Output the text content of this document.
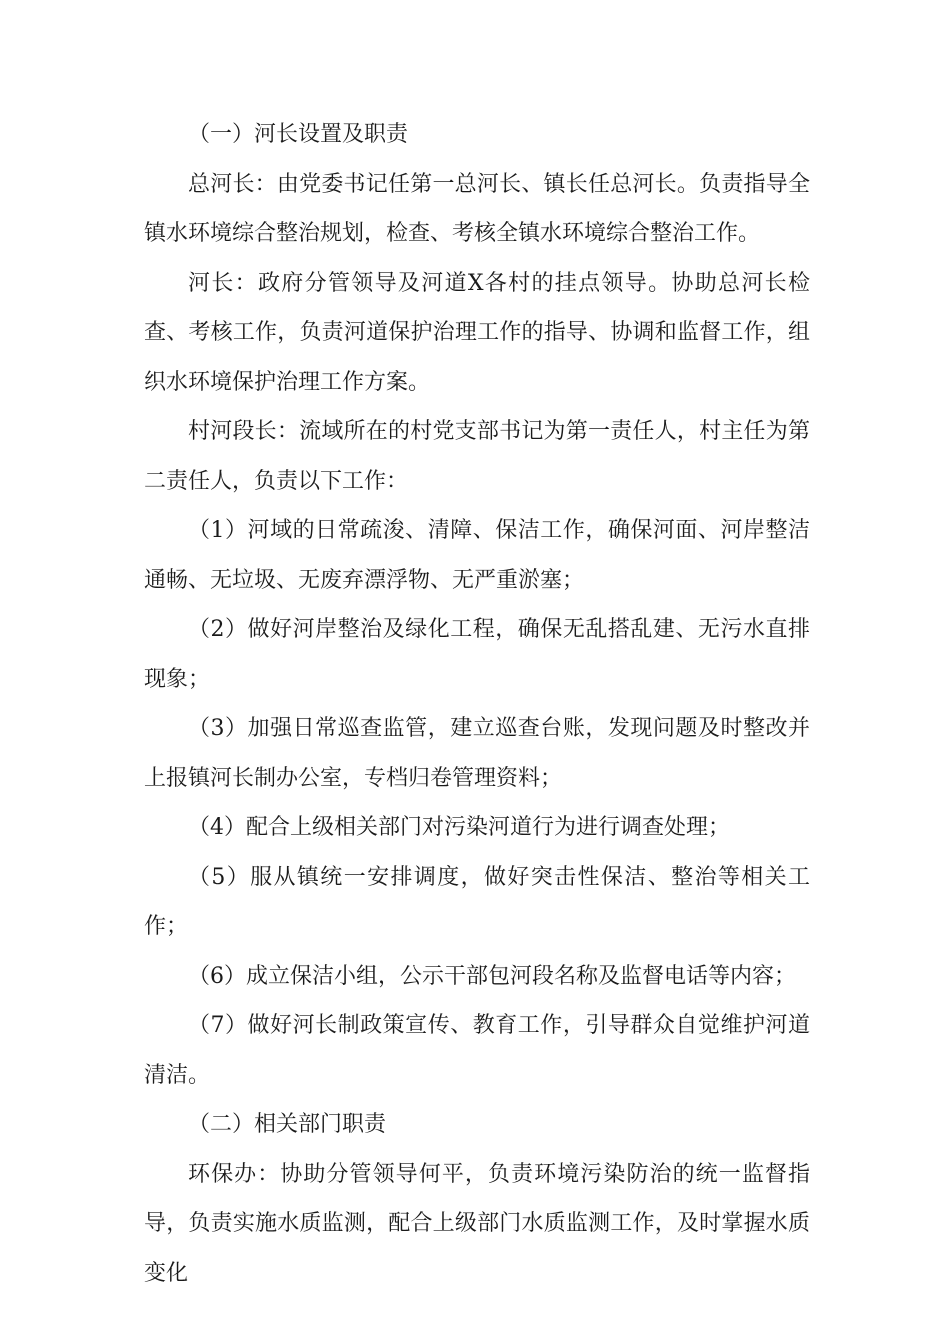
（一）河长设置及职责

总河长：由党委书记任第一总河长、镇长任总河长。负责指导全镇水环境综合整治规划，检查、考核全镇水环境综合整治工作。

河长：政府分管领导及河道X各村的挂点领导。协助总河长检查、考核工作，负责河道保护治理工作的指导、协调和监督工作，组织水环境保护治理工作方案。

村河段长：流域所在的村党支部书记为第一责任人，村主任为第二责任人，负责以下工作：

（1）河域的日常疏浚、清障、保洁工作，确保河面、河岸整洁通畅、无垃圾、无废弃漂浮物、无严重淤塞；

（2）做好河岸整治及绿化工程，确保无乱搭乱建、无污水直排现象；

（3）加强日常巡查监管，建立巡查台账，发现问题及时整改并上报镇河长制办公室，专档归卷管理资料；

（4）配合上级相关部门对污染河道行为进行调查处理；

（5）服从镇统一安排调度，做好突击性保洁、整治等相关工作；

（6）成立保洁小组，公示干部包河段名称及监督电话等内容；

（7）做好河长制政策宣传、教育工作，引导群众自觉维护河道清洁。

（二）相关部门职责

环保办：协助分管领导何平，负责环境污染防治的统一监督指导，负责实施水质监测，配合上级部门水质监测工作，及时掌握水质变化
